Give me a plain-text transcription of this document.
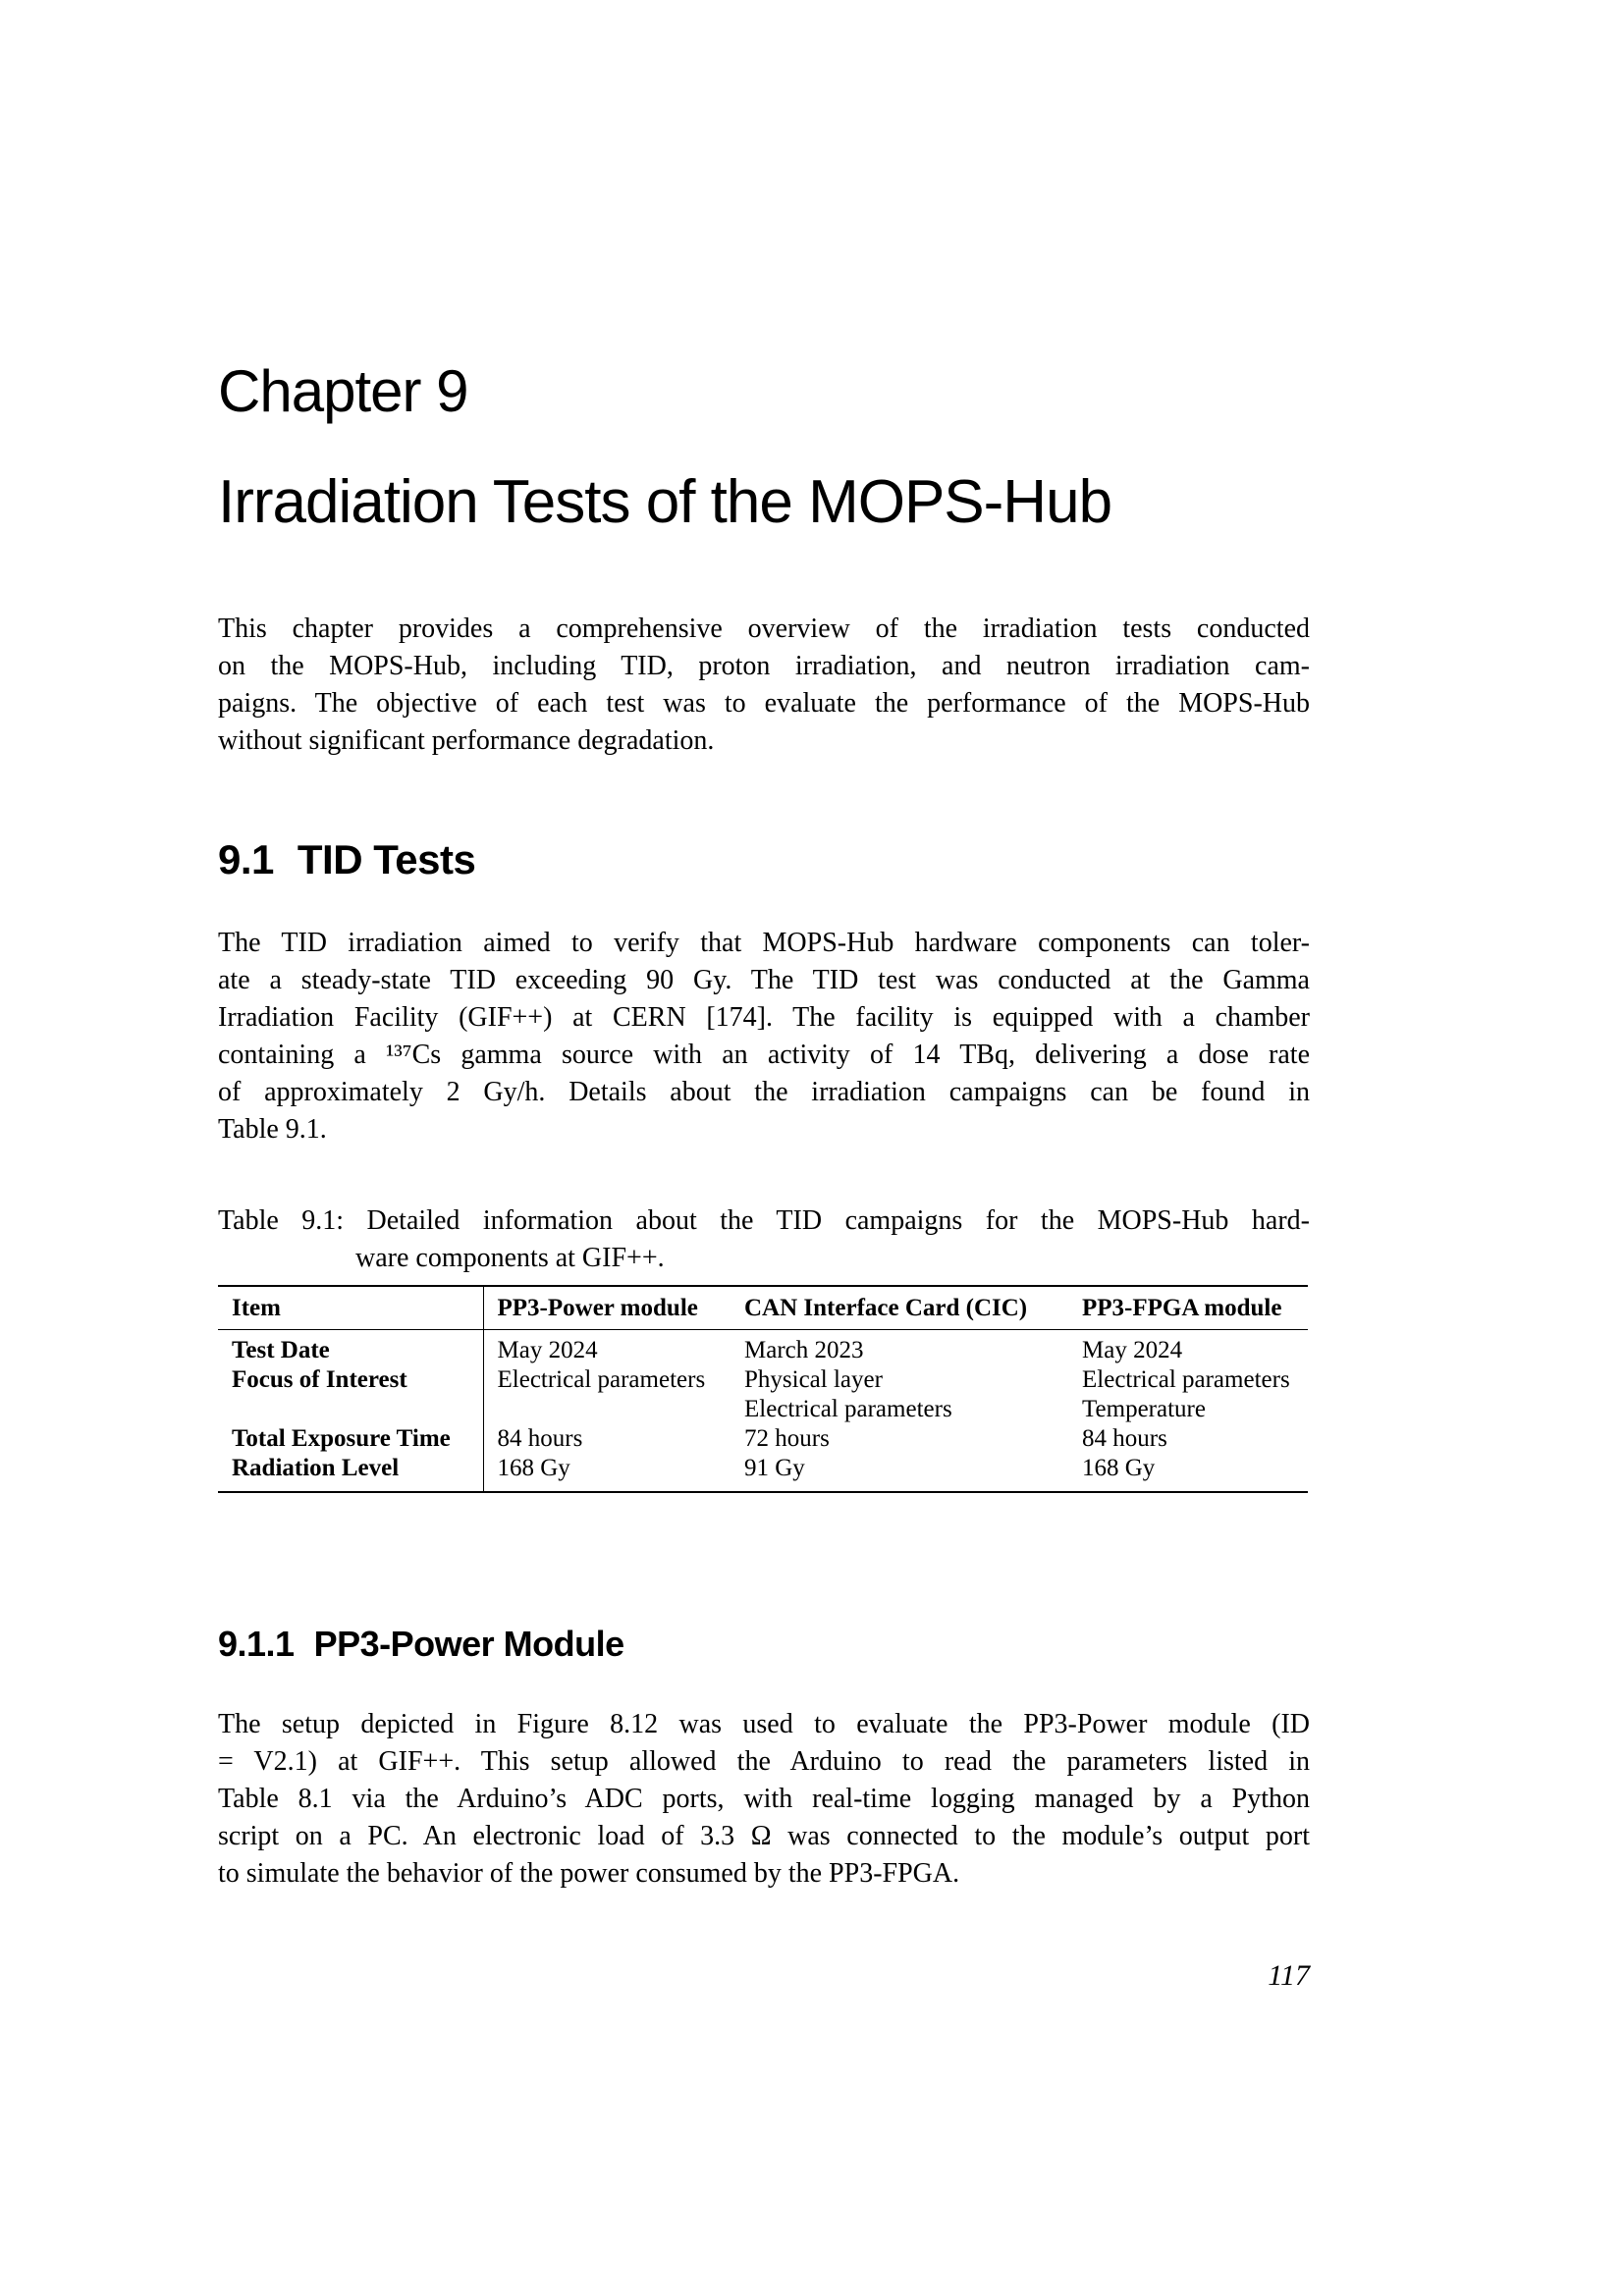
Chapter 9
Irradiation Tests of the MOPS-Hub
This chapter provides a comprehensive overview of the irradiation tests conducted
on the MOPS-Hub, including TID, proton irradiation, and neutron irradiation cam-
paigns. The objective of each test was to evaluate the performance of the MOPS-Hub
without significant performance degradation.
9.1 TID Tests
The TID irradiation aimed to verify that MOPS-Hub hardware components can toler-
ate a steady-state TID exceeding 90 Gy. The TID test was conducted at the Gamma
Irradiation Facility (GIF++) at CERN [174]. The facility is equipped with a chamber
containing a ¹³⁷Cs gamma source with an activity of 14 TBq, delivering a dose rate
of approximately 2 Gy/h. Details about the irradiation campaigns can be found in
Table 9.1.
Table 9.1: Detailed information about the TID campaigns for the MOPS-Hub hard-
ware components at GIF++.
Item	PP3-Power module	CAN Interface Card (CIC)	PP3-FPGA module
Test Date	May 2024	March 2023	May 2024
Focus of Interest	Electrical parameters	Physical layer	Electrical parameters
		Electrical parameters	Temperature
Total Exposure Time	84 hours	72 hours	84 hours
Radiation Level	168 Gy	91 Gy	168 Gy
9.1.1 PP3-Power Module
The setup depicted in Figure 8.12 was used to evaluate the PP3-Power module (ID
= V2.1) at GIF++. This setup allowed the Arduino to read the parameters listed in
Table 8.1 via the Arduino’s ADC ports, with real-time logging managed by a Python
script on a PC. An electronic load of 3.3 Ω was connected to the module’s output port
to simulate the behavior of the power consumed by the PP3-FPGA.
117
